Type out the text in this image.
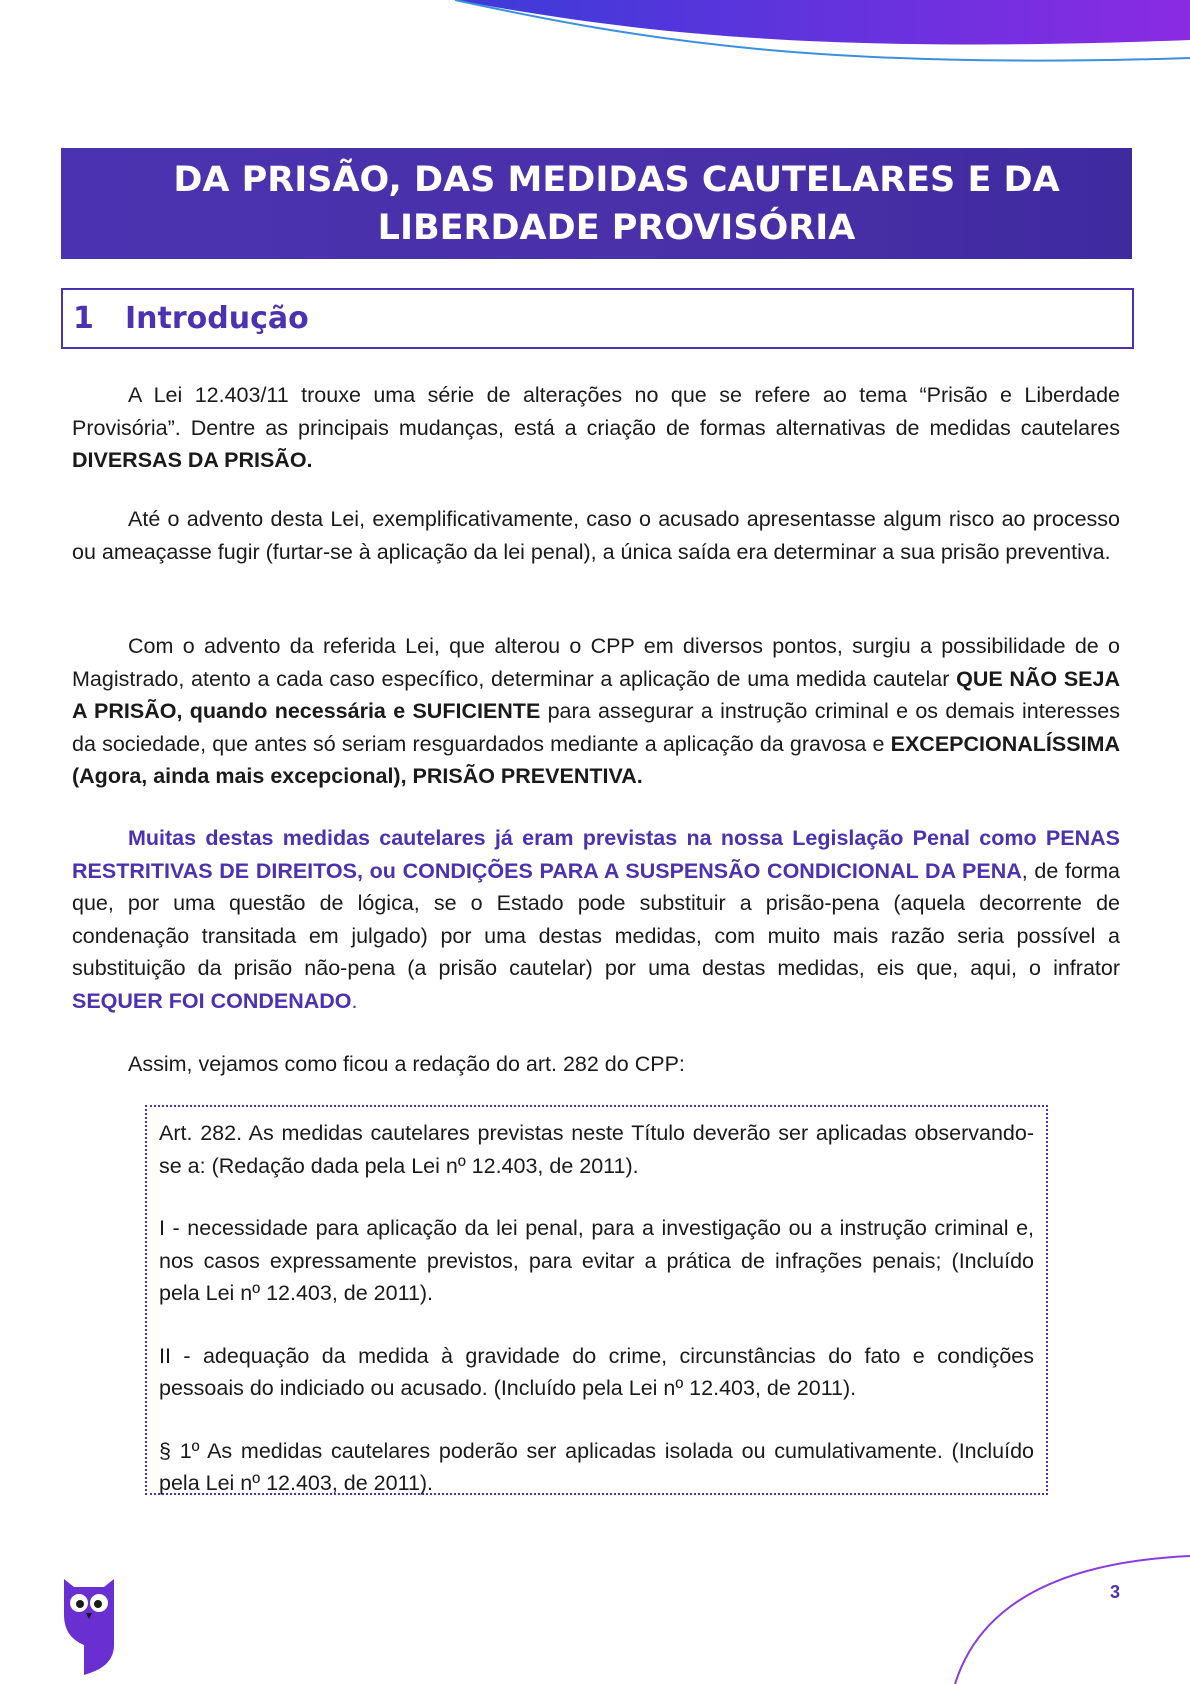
DA PRISÃO, DAS MEDIDAS CAUTELARES E DA
LIBERDADE PROVISÓRIA
1	Introdução
A Lei 12.403/11 trouxe uma série de alterações no que se refere ao tema “Prisão e Liberdade Provisória”. Dentre as principais mudanças, está a criação de formas alternativas de medidas cautelares DIVERSAS DA PRISÃO.
Até o advento desta Lei, exemplificativamente, caso o acusado apresentasse algum risco ao processo ou ameaçasse fugir (furtar-se à aplicação da lei penal), a única saída era determinar a sua prisão preventiva.
Com o advento da referida Lei, que alterou o CPP em diversos pontos, surgiu a possibilidade de o Magistrado, atento a cada caso específico, determinar a aplicação de uma medida cautelar QUE NÃO SEJA A PRISÃO, quando necessária e SUFICIENTE para assegurar a instrução criminal e os demais interesses da sociedade, que antes só seriam resguardados mediante a aplicação da gravosa e EXCEPCIONALÍSSIMA (Agora, ainda mais excepcional), PRISÃO PREVENTIVA.
Muitas destas medidas cautelares já eram previstas na nossa Legislação Penal como PENAS RESTRITIVAS DE DIREITOS, ou CONDIÇÕES PARA A SUSPENSÃO CONDICIONAL DA PENA, de forma que, por uma questão de lógica, se o Estado pode substituir a prisão-pena (aquela decorrente de condenação transitada em julgado) por uma destas medidas, com muito mais razão seria possível a substituição da prisão não-pena (a prisão cautelar) por uma destas medidas, eis que, aqui, o infrator SEQUER FOI CONDENADO.
Assim, vejamos como ficou a redação do art. 282 do CPP:

Art. 282. As medidas cautelares previstas neste Título deverão ser aplicadas observando-se a: (Redação dada pela Lei nº 12.403, de 2011).

I - necessidade para aplicação da lei penal, para a investigação ou a instrução criminal e, nos casos expressamente previstos, para evitar a prática de infrações penais; (Incluído pela Lei nº 12.403, de 2011).

II - adequação da medida à gravidade do crime, circunstâncias do fato e condições pessoais do indiciado ou acusado. (Incluído pela Lei nº 12.403, de 2011).

§ 1º As medidas cautelares poderão ser aplicadas isolada ou cumulativamente. (Incluído pela Lei nº 12.403, de 2011).

3
